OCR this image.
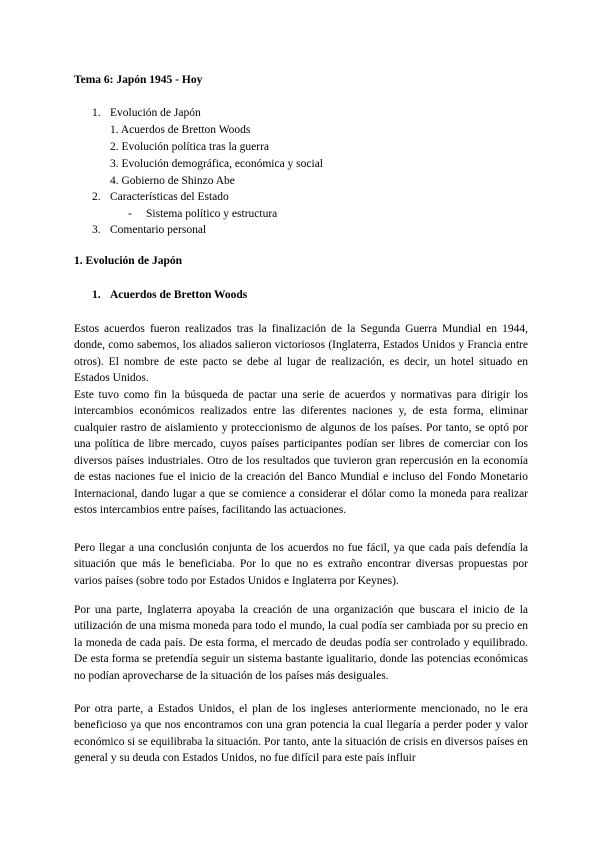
Tema 6: Japón 1945 - Hoy
1. Evolución de Japón
1. Acuerdos de Bretton Woods
2. Evolución política tras la guerra
3. Evolución demográfica, económica y social
4. Gobierno de Shinzo Abe
2. Características del Estado
- Sistema político y estructura
3. Comentario personal
1. Evolución de Japón
1. Acuerdos de Bretton Woods

Estos acuerdos fueron realizados tras la finalización de la Segunda Guerra Mundial en 1944, donde, como sabemos, los aliados salieron victoriosos (Inglaterra, Estados Unidos y Francia entre otros). El nombre de este pacto se debe al lugar de realización, es decir, un hotel situado en Estados Unidos.

Este tuvo como fin la búsqueda de pactar una serie de acuerdos y normativas para dirigir los intercambios económicos realizados entre las diferentes naciones y, de esta forma, eliminar cualquier rastro de aislamiento y proteccionismo de algunos de los países. Por tanto, se optó por una política de libre mercado, cuyos países participantes podían ser libres de comerciar con los diversos países industriales. Otro de los resultados que tuvieron gran repercusión en la economía de estas naciones fue el inicio de la creación del Banco Mundial e incluso del Fondo Monetario Internacional, dando lugar a que se comience a considerar el dólar como la moneda para realizar estos intercambios entre países, facilitando las actuaciones.

Pero llegar a una conclusión conjunta de los acuerdos no fue fácil, ya que cada país defendía la situación que más le beneficiaba. Por lo que no es extraño encontrar diversas propuestas por varios países (sobre todo por Estados Unidos e Inglaterra por Keynes).

Por una parte, Inglaterra apoyaba la creación de una organización que buscara el inicio de la utilización de una misma moneda para todo el mundo, la cual podía ser cambiada por su precio en la moneda de cada país. De esta forma, el mercado de deudas podía ser controlado y equilibrado. De esta forma se pretendía seguir un sistema bastante igualitario, donde las potencias económicas no podían aprovecharse de la situación de los países más desiguales.

Por otra parte, a Estados Unidos, el plan de los ingleses anteriormente mencionado, no le era beneficioso ya que nos encontramos con una gran potencia la cual llegaría a perder poder y valor económico si se equilibraba la situación. Por tanto, ante la situación de crisis en diversos países en general y su deuda con Estados Unidos, no fue difícil para este país influir
